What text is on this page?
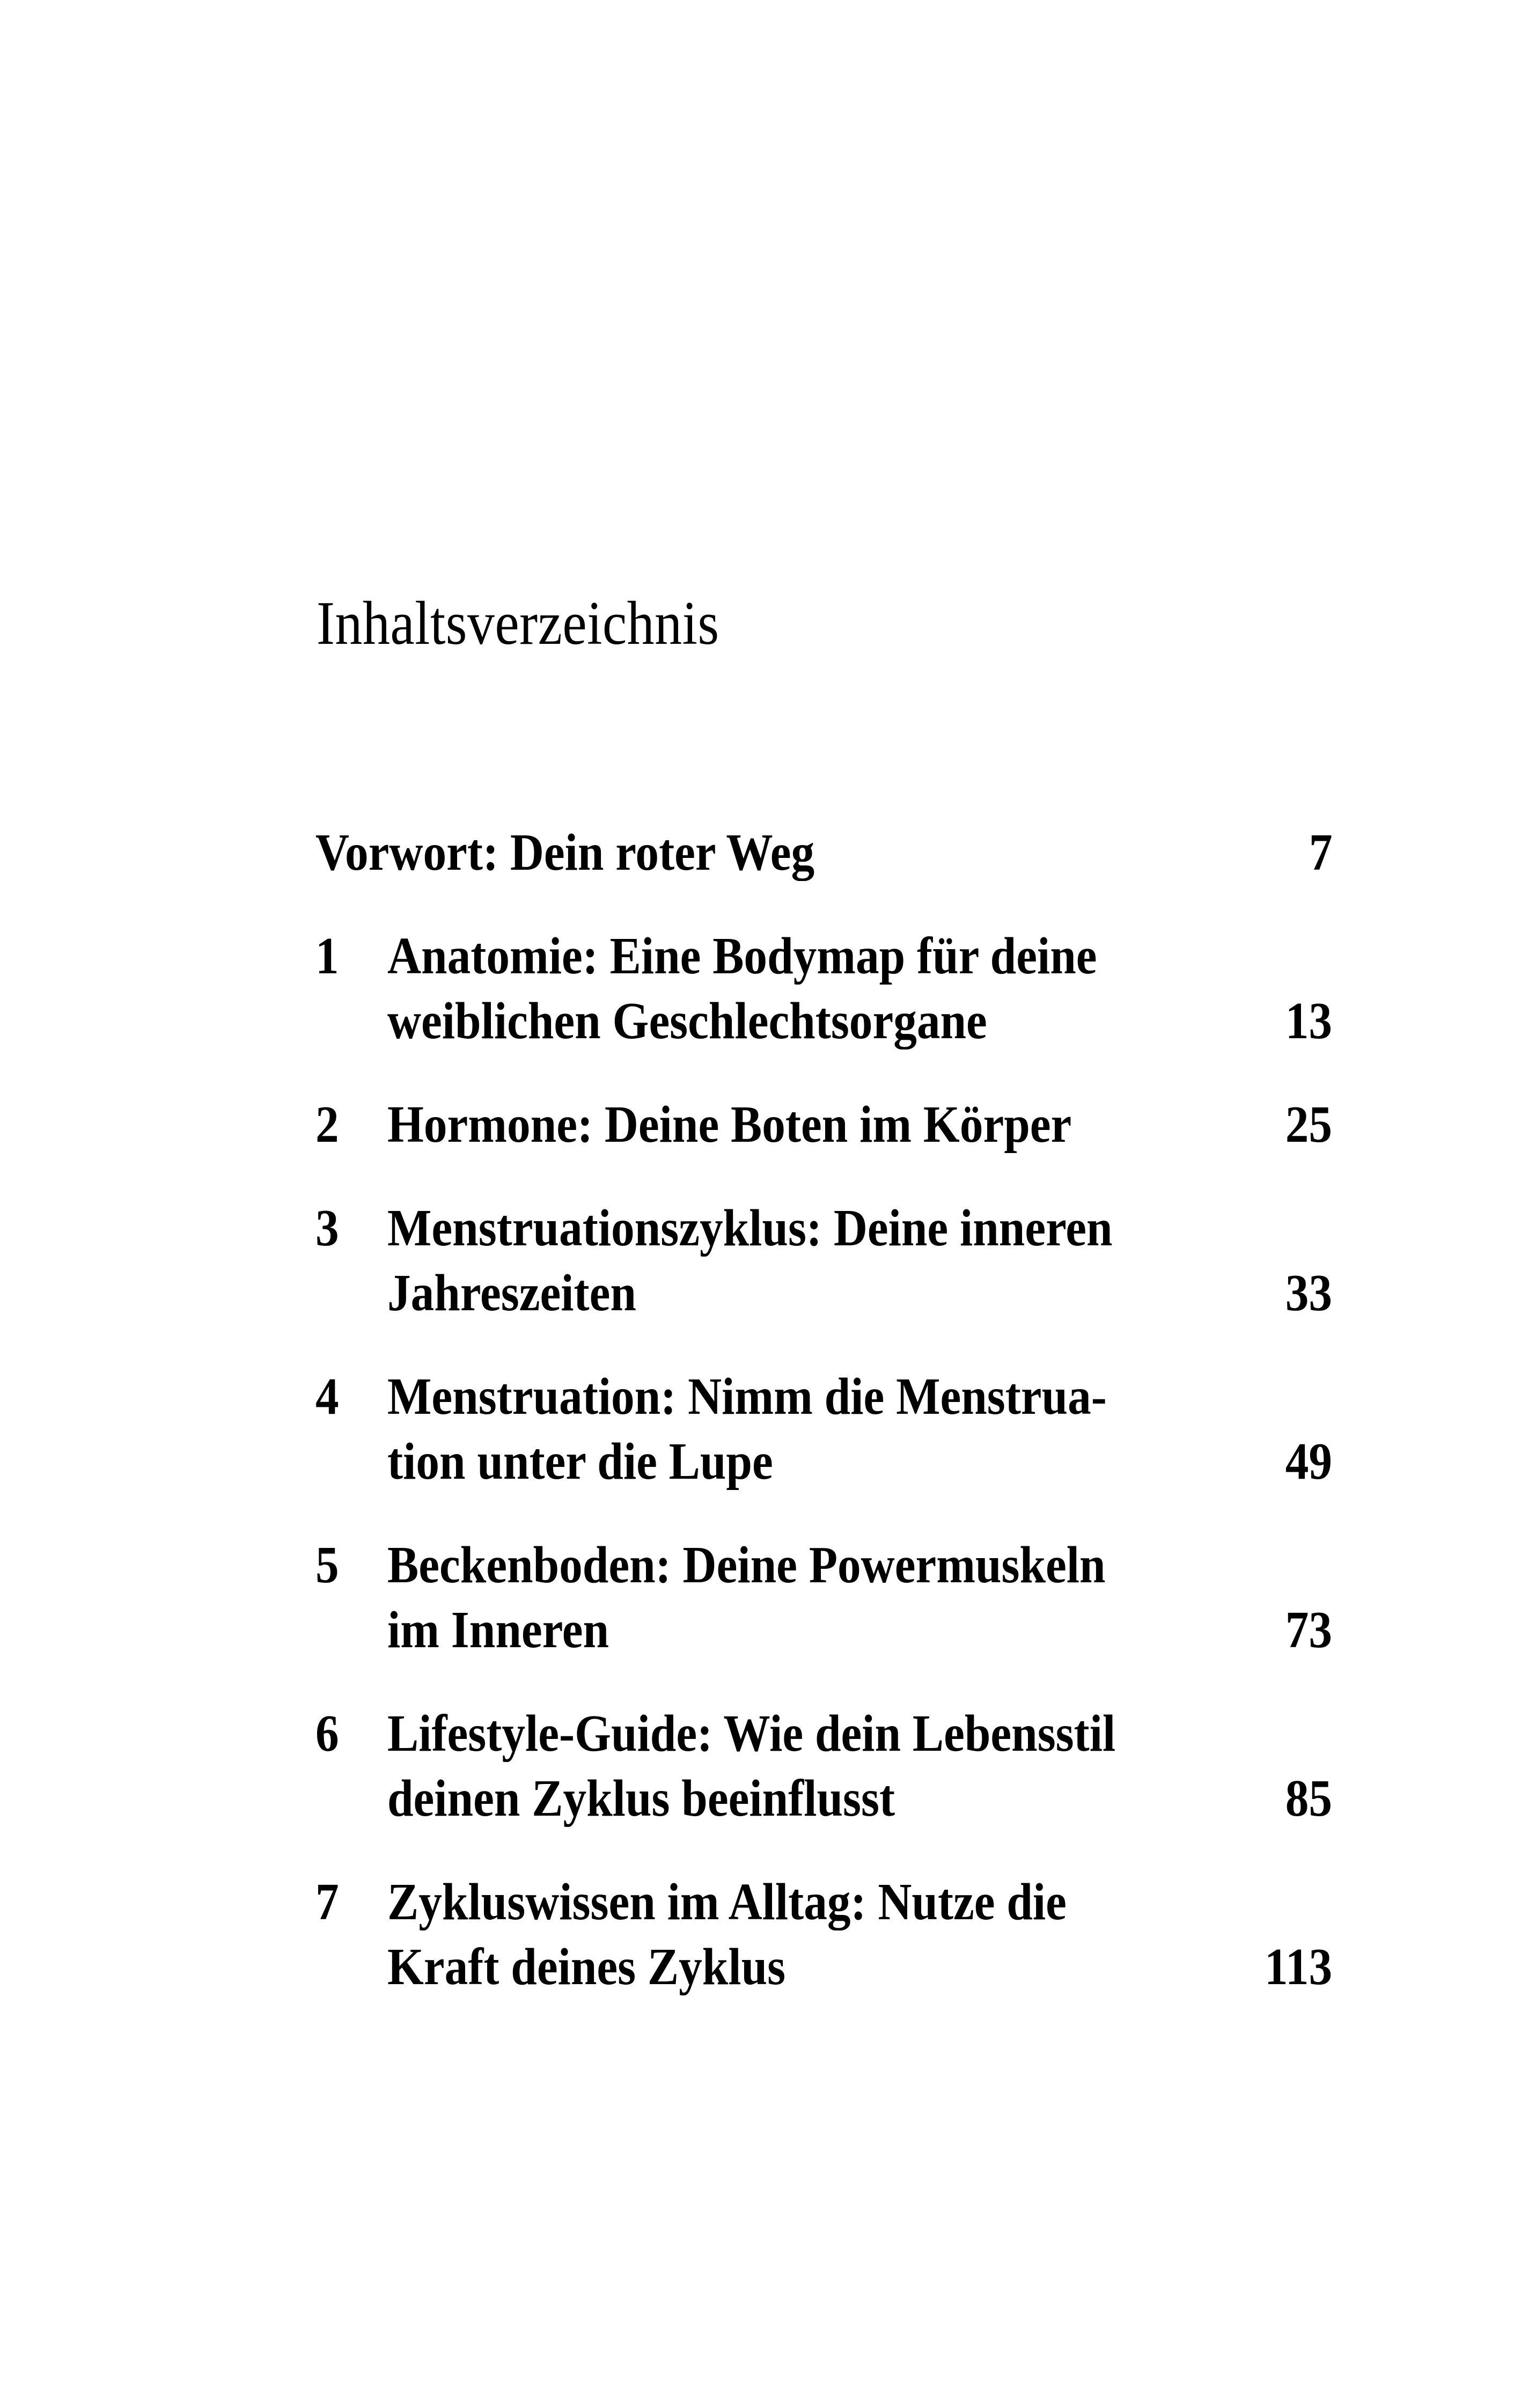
Inhaltsverzeichnis
Vorwort: Dein roter Weg	7
1 Anatomie: Eine Bodymap für deine
weiblichen Geschlechtsorgane	13
2 Hormone: Deine Boten im Körper	25
3 Menstruationszyklus: Deine inneren
Jahreszeiten	33
4 Menstruation: Nimm die Menstrua-
tion unter die Lupe	49
5 Beckenboden: Deine Powermuskeln
im Inneren	73
6 Lifestyle-Guide: Wie dein Lebensstil
deinen Zyklus beeinflusst	85
7 Zykluswissen im Alltag: Nutze die
Kraft deines Zyklus	113
